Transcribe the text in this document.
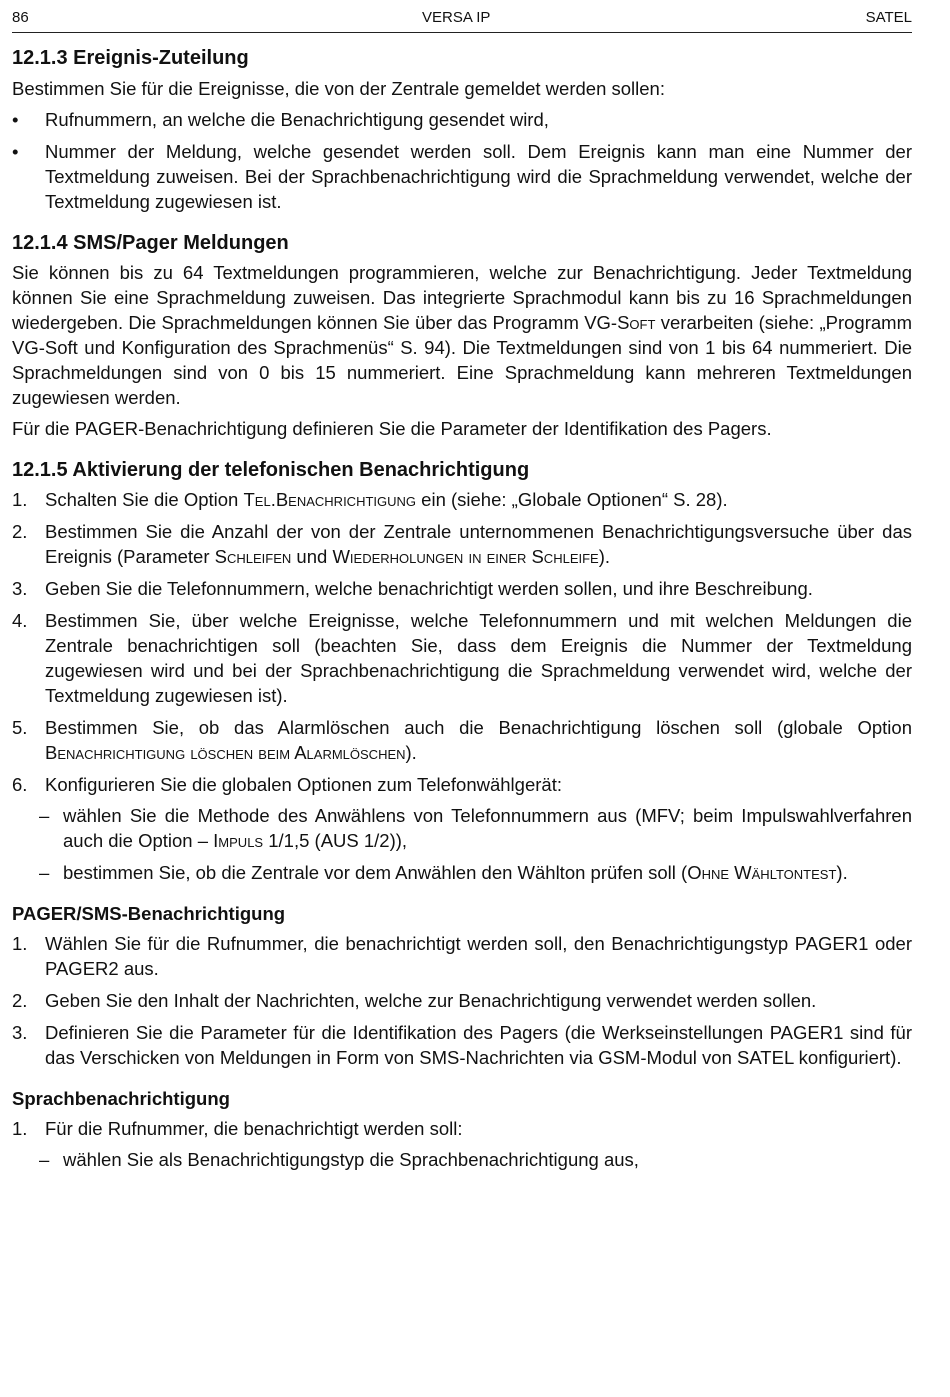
86	VERSA IP	SATEL
12.1.3 Ereignis-Zuteilung

Bestimmen Sie für die Ereignisse, die von der Zentrale gemeldet werden sollen:

• Rufnummern, an welche die Benachrichtigung gesendet wird,
• Nummer der Meldung, welche gesendet werden soll. Dem Ereignis kann man eine Nummer der Textmeldung zuweisen. Bei der Sprachbenachrichtigung wird die Sprachmeldung verwendet, welche der Textmeldung zugewiesen ist.
12.1.4 SMS/Pager Meldungen

Sie können bis zu 64 Textmeldungen programmieren, welche zur Benachrichtigung. Jeder Textmeldung können Sie eine Sprachmeldung zuweisen. Das integrierte Sprachmodul kann bis zu 16 Sprachmeldungen wiedergeben. Die Sprachmeldungen können Sie über das Programm VG-Soft verarbeiten (siehe: „Programm VG-Soft und Konfiguration des Sprachmenüs“ S. 94). Die Textmeldungen sind von 1 bis 64 nummeriert. Die Sprachmeldungen sind von 0 bis 15 nummeriert. Eine Sprachmeldung kann mehreren Textmeldungen zugewiesen werden.

Für die PAGER-Benachrichtigung definieren Sie die Parameter der Identifikation des Pagers.

12.1.5 Aktivierung der telefonischen Benachrichtigung
1. Schalten Sie die Option Tel.Benachrichtigung ein (siehe: „Globale Optionen“ S. 28).
2. Bestimmen Sie die Anzahl der von der Zentrale unternommenen Benachrichtigungsversuche über das Ereignis (Parameter Schleifen und Wiederholungen in einer Schleife).
3. Geben Sie die Telefonnummern, welche benachrichtigt werden sollen, und ihre Beschreibung.
4. Bestimmen Sie, über welche Ereignisse, welche Telefonnummern und mit welchen Meldungen die Zentrale benachrichtigen soll (beachten Sie, dass dem Ereignis die Nummer der Textmeldung zugewiesen wird und bei der Sprachbenachrichtigung die Sprachmeldung verwendet wird, welche der Textmeldung zugewiesen ist).
5. Bestimmen Sie, ob das Alarmlöschen auch die Benachrichtigung löschen soll (globale Option Benachrichtigung löschen beim Alarmlöschen).
6. Konfigurieren Sie die globalen Optionen zum Telefonwählgerät:
– wählen Sie die Methode des Anwählens von Telefonnummern aus (MFV; beim Impulswahlverfahren auch die Option – Impuls 1/1,5 (AUS 1/2)),
– bestimmen Sie, ob die Zentrale vor dem Anwählen den Wählton prüfen soll (Ohne Wähltontest).
PAGER/SMS-Benachrichtigung
1. Wählen Sie für die Rufnummer, die benachrichtigt werden soll, den Benachrichtigungstyp PAGER1 oder PAGER2 aus.
2. Geben Sie den Inhalt der Nachrichten, welche zur Benachrichtigung verwendet werden sollen.
3. Definieren Sie die Parameter für die Identifikation des Pagers (die Werkseinstellungen PAGER1 sind für das Verschicken von Meldungen in Form von SMS-Nachrichten via GSM-Modul von SATEL konfiguriert).
Sprachbenachrichtigung
1. Für die Rufnummer, die benachrichtigt werden soll:
– wählen Sie als Benachrichtigungstyp die Sprachbenachrichtigung aus,
